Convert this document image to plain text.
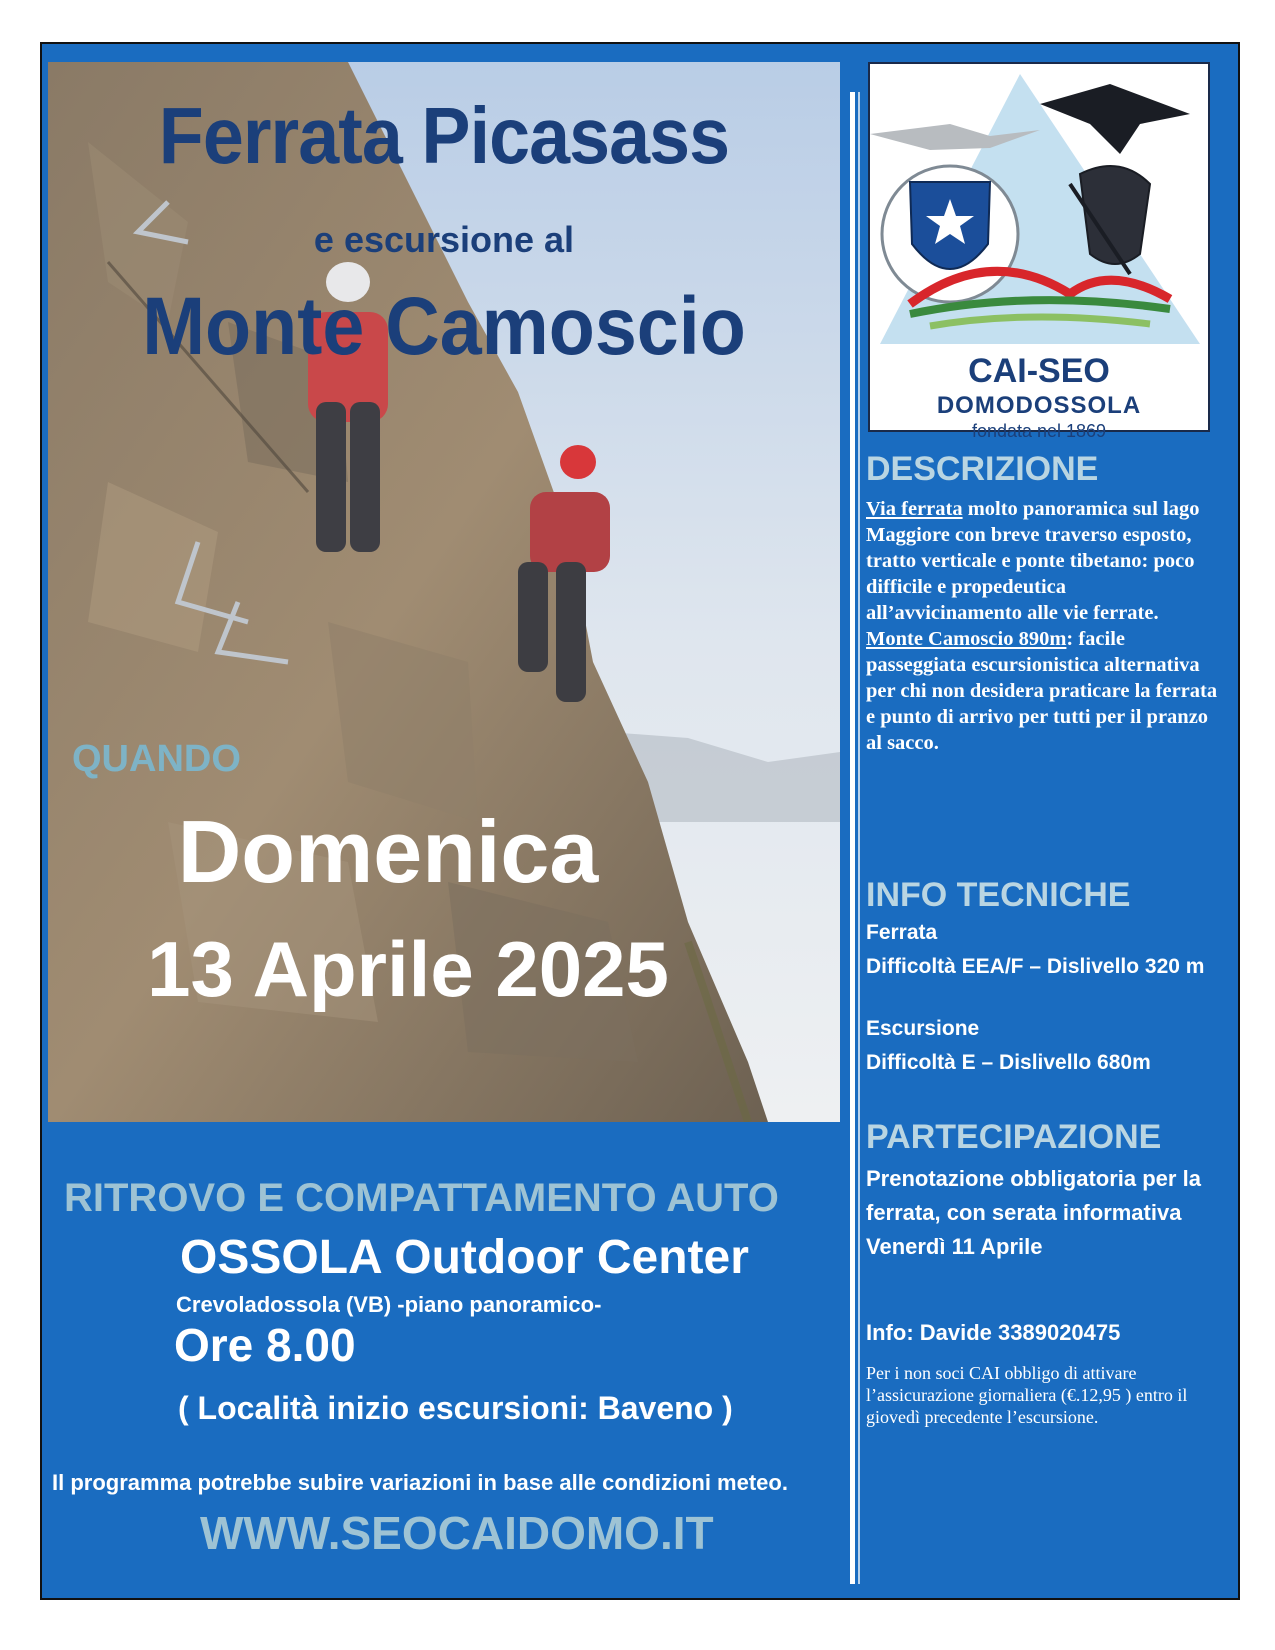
Ferrata Picasass
e escursione al
Monte Camoscio
QUANDO
Domenica
13 Aprile 2025
RITROVO E COMPATTAMENTO AUTO
OSSOLA Outdoor Center
Crevoladossola (VB) -piano panoramico-
Ore 8.00
( Località inizio escursioni: Baveno )
Il programma potrebbe subire variazioni in base alle condizioni meteo.
WWW.SEOCAIDOMO.IT
CAI-SEO
DOMODOSSOLA
fondata nel 1869
DESCRIZIONE
Via ferrata molto panoramica sul lago Maggiore con breve traverso esposto, tratto verticale e ponte tibetano: poco difficile e propedeutica all’avvicinamento alle vie ferrate.
Monte Camoscio 890m: facile passeggiata escursionistica alternativa per chi non desidera praticare la ferrata e punto di arrivo per tutti per il pranzo al sacco.
INFO TECNICHE
Ferrata
Difficoltà EEA/F – Dislivello 320 m
Escursione
Difficoltà E – Dislivello 680m
PARTECIPAZIONE
Prenotazione obbligatoria per la ferrata, con serata informativa Venerdì 11 Aprile
Info: Davide 3389020475
Per i non soci CAI obbligo di attivare l’assicurazione giornaliera (€.12,95 ) entro il giovedì precedente l’escursione.
